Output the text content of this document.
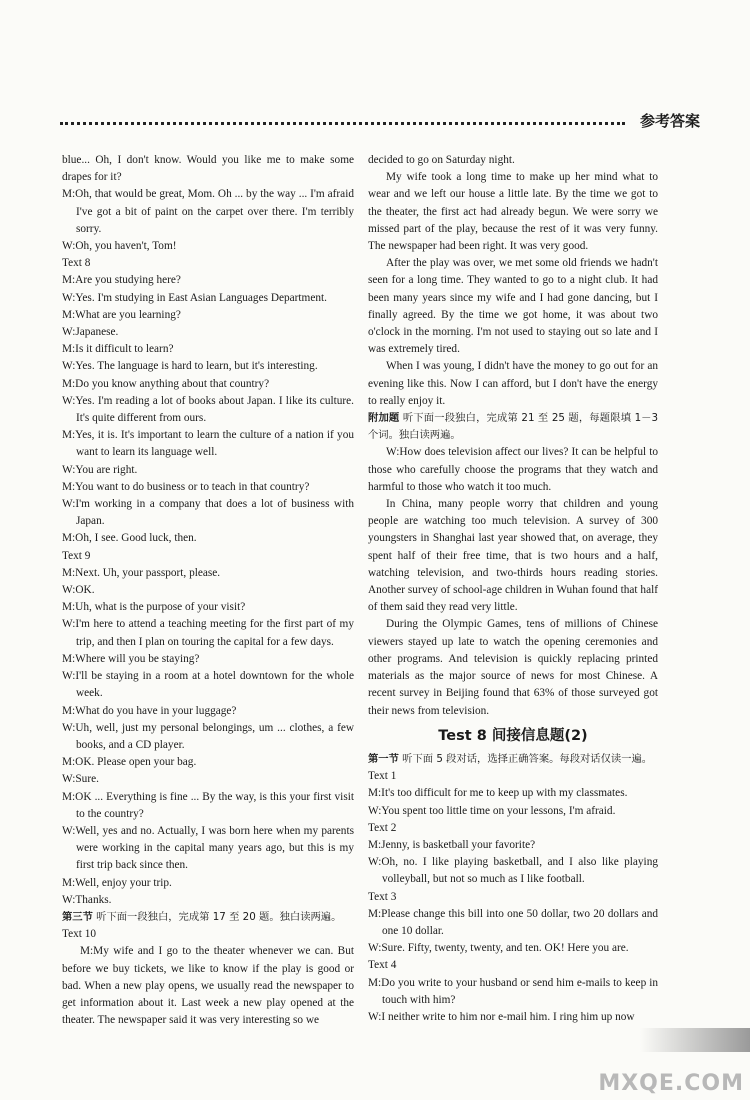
参考答案

blue... Oh, I don't know. Would you like me to make some drapes for it?

M:Oh, that would be great, Mom. Oh ... by the way ... I'm afraid I've got a bit of paint on the carpet over there. I'm terribly sorry.

W:Oh, you haven't, Tom!

Text 8

M:Are you studying here?

W:Yes. I'm studying in East Asian Languages Department.

M:What are you learning?

W:Japanese.

M:Is it difficult to learn?

W:Yes. The language is hard to learn, but it's interesting.

M:Do you know anything about that country?

W:Yes. I'm reading a lot of books about Japan. I like its culture. It's quite different from ours.

M:Yes, it is. It's important to learn the culture of a nation if you want to learn its language well.

W:You are right.

M:You want to do business or to teach in that country?

W:I'm working in a company that does a lot of business with Japan.

M:Oh, I see. Good luck, then.

Text 9

M:Next. Uh, your passport, please.

W:OK.

M:Uh, what is the purpose of your visit?

W:I'm here to attend a teaching meeting for the first part of my trip, and then I plan on touring the capital for a few days.

M:Where will you be staying?

W:I'll be staying in a room at a hotel downtown for the whole week.

M:What do you have in your luggage?

W:Uh, well, just my personal belongings, um ... clothes, a few books, and a CD player.

M:OK. Please open your bag.

W:Sure.

M:OK ... Everything is fine ... By the way, is this your first visit to the country?

W:Well, yes and no. Actually, I was born here when my parents were working in the capital many years ago, but this is my first trip back since then.

M:Well, enjoy your trip.

W:Thanks.

第三节 听下面一段独白，完成第 17 至 20 题。独白读两遍。

Text 10

M:My wife and I go to the theater whenever we can. But before we buy tickets, we like to know if the play is good or bad. When a new play opens, we usually read the newspaper to get information about it. Last week a new play opened at the theater. The newspaper said it was very interesting so we

decided to go on Saturday night.

My wife took a long time to make up her mind what to wear and we left our house a little late. By the time we got to the theater, the first act had already begun. We were sorry we missed part of the play, because the rest of it was very funny. The newspaper had been right. It was very good.

After the play was over, we met some old friends we hadn't seen for a long time. They wanted to go to a night club. It had been many years since my wife and I had gone dancing, but I finally agreed. By the time we got home, it was about two o'clock in the morning. I'm not used to staying out so late and I was extremely tired.

When I was young, I didn't have the money to go out for an evening like this. Now I can afford, but I don't have the energy to really enjoy it.

附加题 听下面一段独白，完成第 21 至 25 题，每题限填 1－3 个词。独白读两遍。

W:How does television affect our lives? It can be helpful to those who carefully choose the programs that they watch and harmful to those who watch it too much.

In China, many people worry that children and young people are watching too much television. A survey of 300 youngsters in Shanghai last year showed that, on average, they spent half of their free time, that is two hours and a half, watching television, and two-thirds hours reading stories. Another survey of school-age children in Wuhan found that half of them said they read very little.

During the Olympic Games, tens of millions of Chinese viewers stayed up late to watch the opening ceremonies and other programs. And television is quickly replacing printed materials as the major source of news for most Chinese. A recent survey in Beijing found that 63% of those surveyed got their news from television.

Test 8 间接信息题(2)

第一节 听下面 5 段对话，选择正确答案。每段对话仅读一遍。

Text 1

M:It's too difficult for me to keep up with my classmates.

W:You spent too little time on your lessons, I'm afraid.

Text 2

M:Jenny, is basketball your favorite?

W:Oh, no. I like playing basketball, and I also like playing volleyball, but not so much as I like football.

Text 3

M:Please change this bill into one 50 dollar, two 20 dollars and one 10 dollar.

W:Sure. Fifty, twenty, twenty, and ten. OK! Here you are.

Text 4

M:Do you write to your husband or send him e-mails to keep in touch with him?

W:I neither write to him nor e-mail him. I ring him up now

MXQE.COM
